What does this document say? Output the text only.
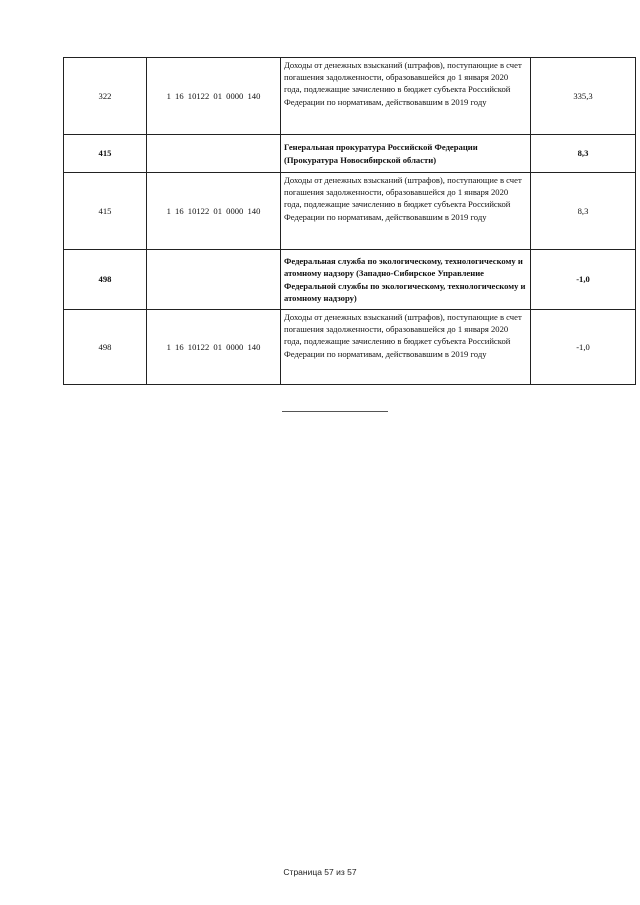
322	1 16 10122 01 0000 140	Доходы от денежных взысканий (штрафов), поступающие в счет погашения задолженности, образовавшейся до 1 января 2020 года, подлежащие зачислению в бюджет субъекта Российской Федерации по нормативам, действовавшим в 2019 году	335,3
415		Генеральная прокуратура Российской Федерации (Прокуратура Новосибирской области)	8,3
415	1 16 10122 01 0000 140	Доходы от денежных взысканий (штрафов), поступающие в счет погашения задолженности, образовавшейся до 1 января 2020 года, подлежащие зачислению в бюджет субъекта Российской Федерации по нормативам, действовавшим в 2019 году	8,3
498		Федеральная служба по экологическому, технологическому и атомному надзору (Западно-Сибирское Управление Федеральной службы по экологическому, технологическому и атомному надзору)	-1,0
498	1 16 10122 01 0000 140	Доходы от денежных взысканий (штрафов), поступающие в счет погашения задолженности, образовавшейся до 1 января 2020 года, подлежащие зачислению в бюджет субъекта Российской Федерации по нормативам, действовавшим в 2019 году	-1,0
Страница 57 из 57
